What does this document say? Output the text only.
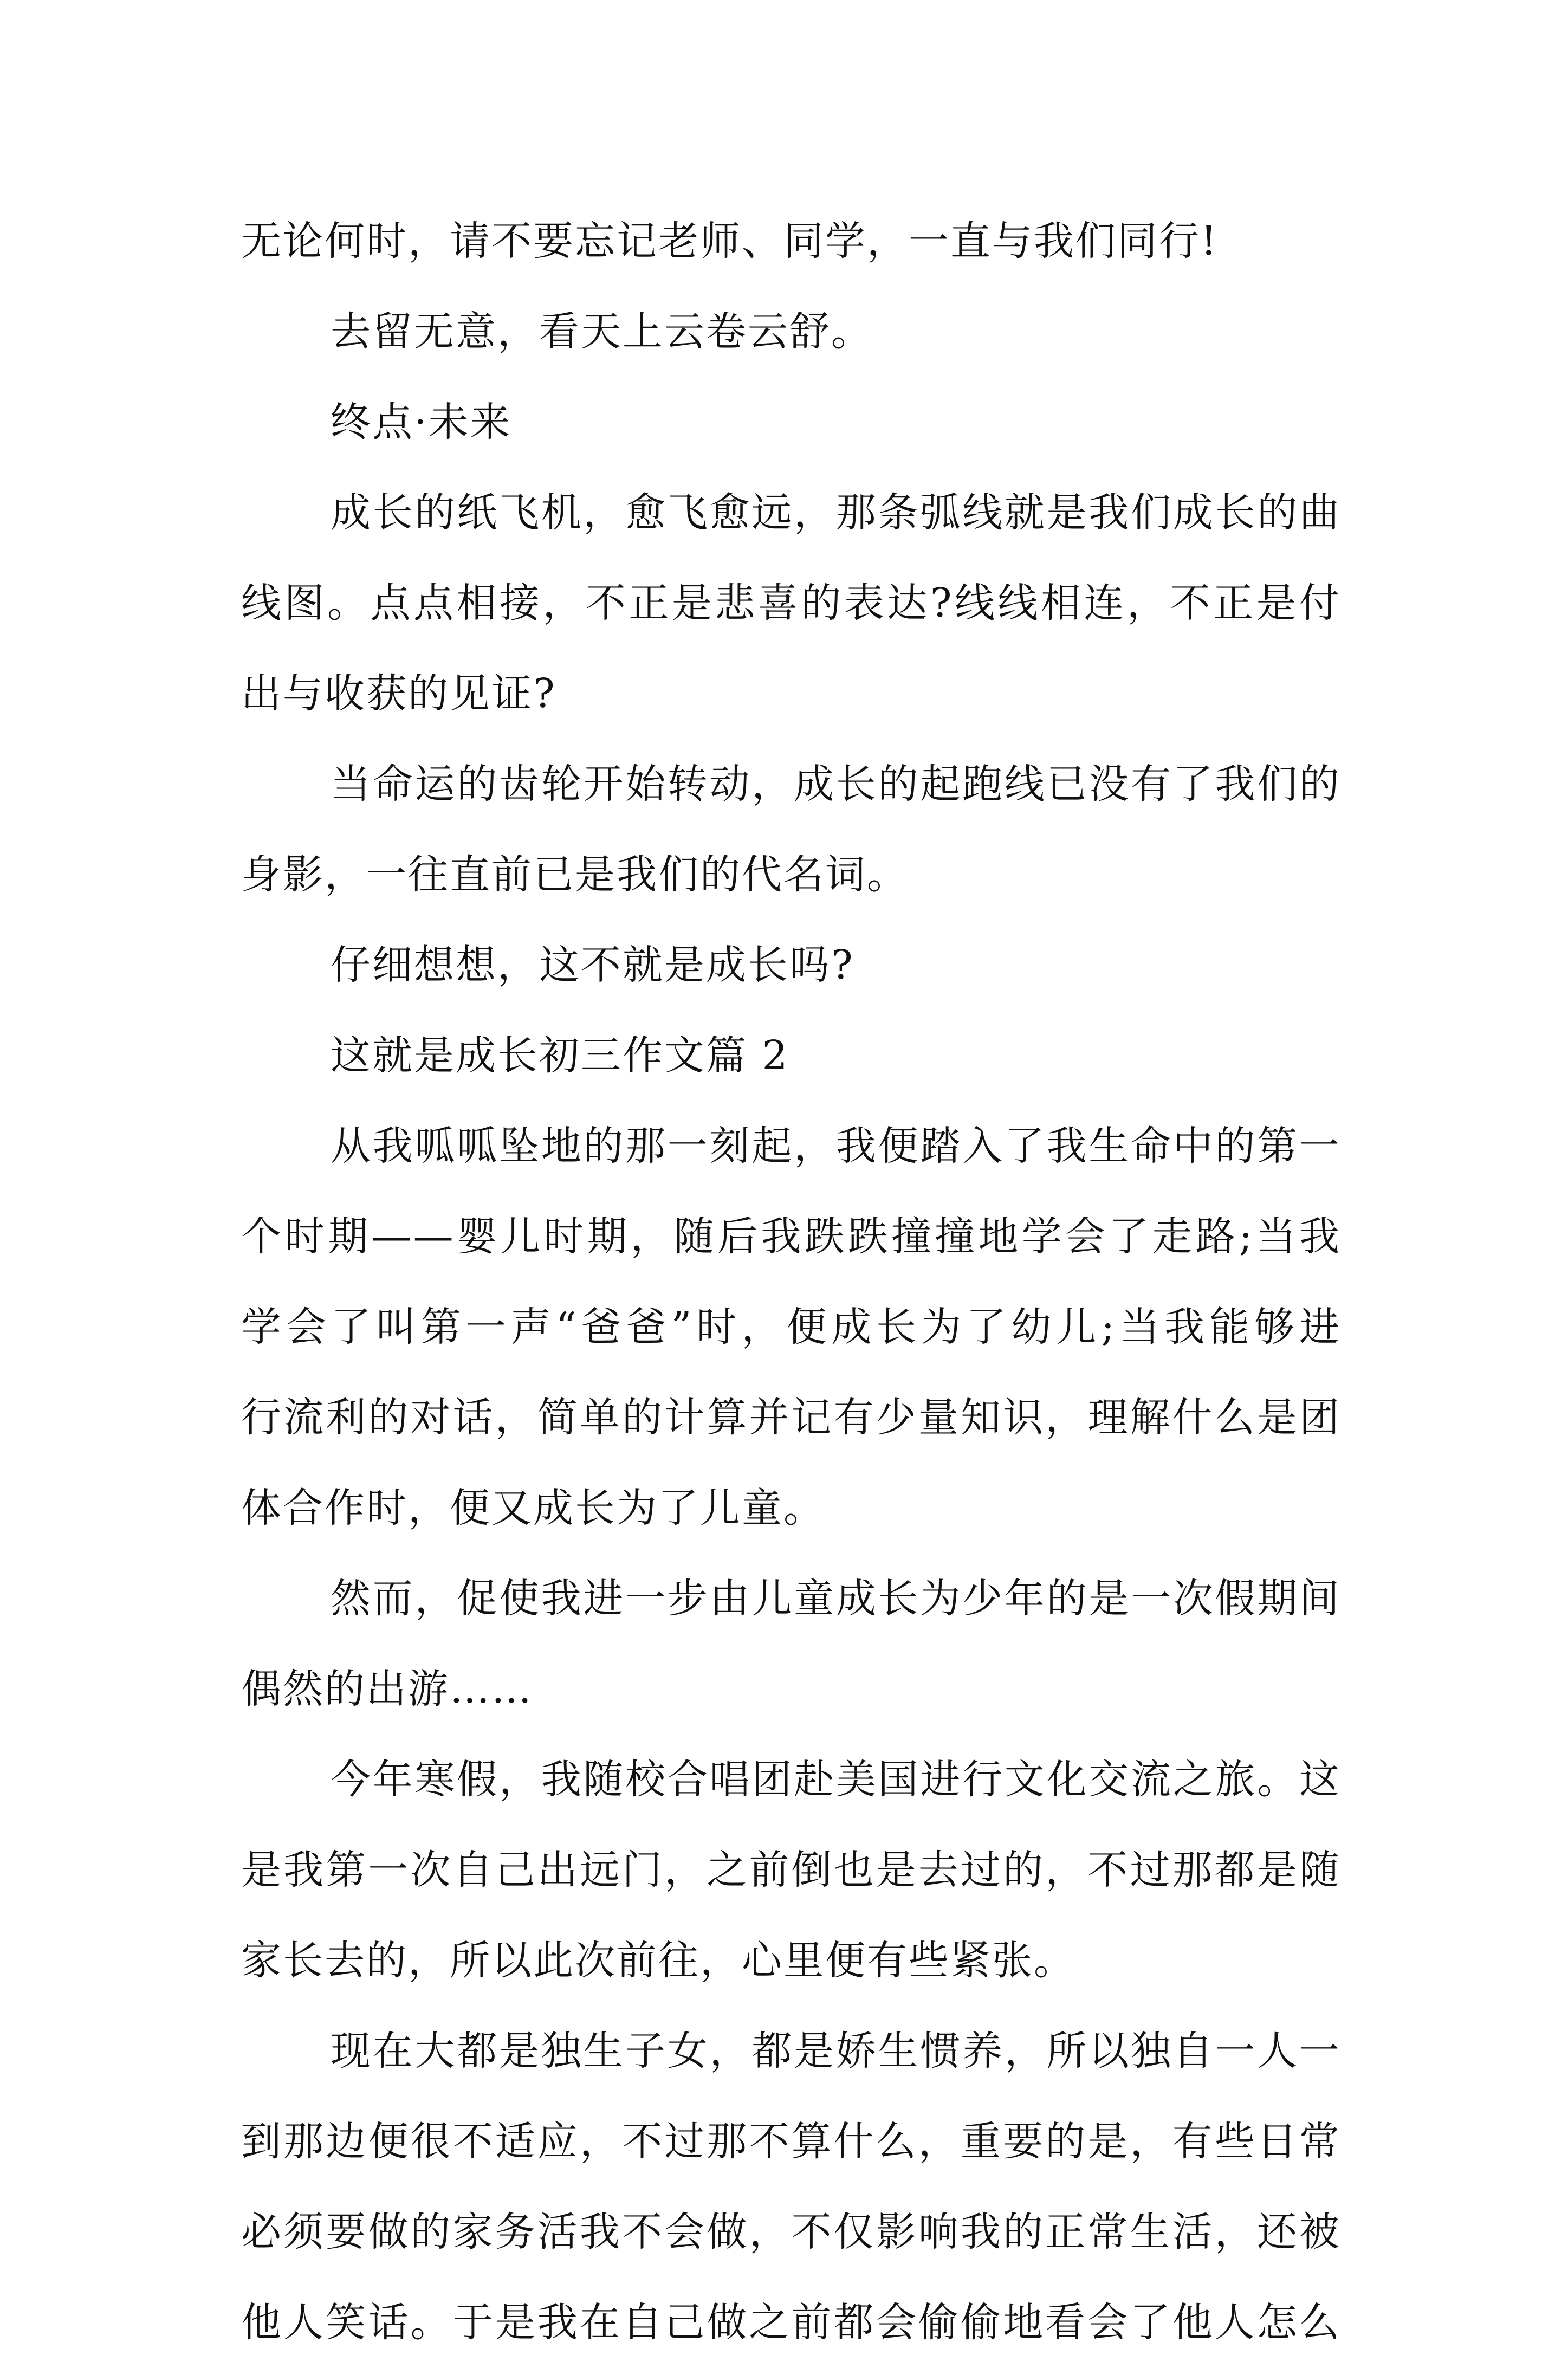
无论何时，请不要忘记老师、同学，一直与我们同行!
去留无意，看天上云卷云舒。
终点·未来
成长的纸飞机，愈飞愈远，那条弧线就是我们成长的曲
线图。点点相接，不正是悲喜的表达?线线相连，不正是付
出与收获的见证?
当命运的齿轮开始转动，成长的起跑线已没有了我们的
身影，一往直前已是我们的代名词。
仔细想想，这不就是成长吗?
这就是成长初三作文篇 2
从我呱呱坠地的那一刻起，我便踏入了我生命中的第一
个时期——婴儿时期，随后我跌跌撞撞地学会了走路;当我
学会了叫第一声“爸爸”时，便成长为了幼儿;当我能够进
行流利的对话，简单的计算并记有少量知识，理解什么是团
体合作时，便又成长为了儿童。
然而，促使我进一步由儿童成长为少年的是一次假期间
偶然的出游……
今年寒假，我随校合唱团赴美国进行文化交流之旅。这
是我第一次自己出远门，之前倒也是去过的，不过那都是随
家长去的，所以此次前往，心里便有些紧张。
现在大都是独生子女，都是娇生惯养，所以独自一人一
到那边便很不适应，不过那不算什么，重要的是，有些日常
必须要做的家务活我不会做，不仅影响我的正常生活，还被
他人笑话。于是我在自己做之前都会偷偷地看会了他人怎么
